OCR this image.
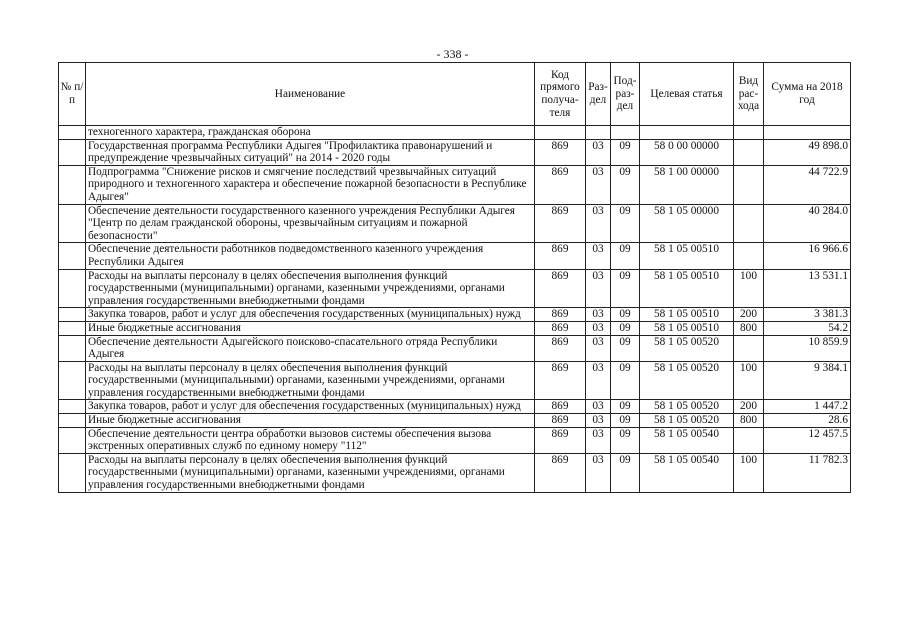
- 338 -
№ п/п	Наименование	Код прямого получа-теля	Раз-дел	Под-раз-дел	Целевая статья	Вид рас-хода	Сумма на 2018 год
	техногенного характера, гражданская оборона						
	Государственная программа Республики Адыгея "Профилактика правонарушений и предупреждение чрезвычайных ситуаций" на 2014 - 2020 годы	869	03	09	58 0 00 00000		49 898.0
	Подпрограмма "Снижение рисков и смягчение последствий чрезвычайных ситуаций природного и техногенного характера и обеспечение пожарной безопасности в Республике Адыгея"	869	03	09	58 1 00 00000		44 722.9
	Обеспечение деятельности государственного казенного учреждения Республики Адыгея "Центр по делам гражданской обороны, чрезвычайным ситуациям и пожарной безопасности"	869	03	09	58 1 05 00000		40 284.0
	Обеспечение деятельности работников подведомственного казенного учреждения Республики Адыгея	869	03	09	58 1 05 00510		16 966.6
	Расходы на выплаты персоналу в целях обеспечения выполнения функций государственными (муниципальными) органами, казенными учреждениями, органами управления государственными внебюджетными фондами	869	03	09	58 1 05 00510	100	13 531.1
	Закупка товаров, работ и услуг для обеспечения государственных (муниципальных) нужд	869	03	09	58 1 05 00510	200	3 381.3
	Иные бюджетные ассигнования	869	03	09	58 1 05 00510	800	54.2
	Обеспечение деятельности Адыгейского поисково-спасательного отряда Республики Адыгея	869	03	09	58 1 05 00520		10 859.9
	Расходы на выплаты персоналу в целях обеспечения выполнения функций государственными (муниципальными) органами, казенными учреждениями, органами управления государственными внебюджетными фондами	869	03	09	58 1 05 00520	100	9 384.1
	Закупка товаров, работ и услуг для обеспечения государственных (муниципальных) нужд	869	03	09	58 1 05 00520	200	1 447.2
	Иные бюджетные ассигнования	869	03	09	58 1 05 00520	800	28.6
	Обеспечение деятельности центра обработки вызовов системы обеспечения вызова экстренных оперативных служб по единому номеру "112"	869	03	09	58 1 05 00540		12 457.5
	Расходы на выплаты персоналу в целях обеспечения выполнения функций государственными (муниципальными) органами, казенными учреждениями, органами управления государственными внебюджетными фондами	869	03	09	58 1 05 00540	100	11 782.3
